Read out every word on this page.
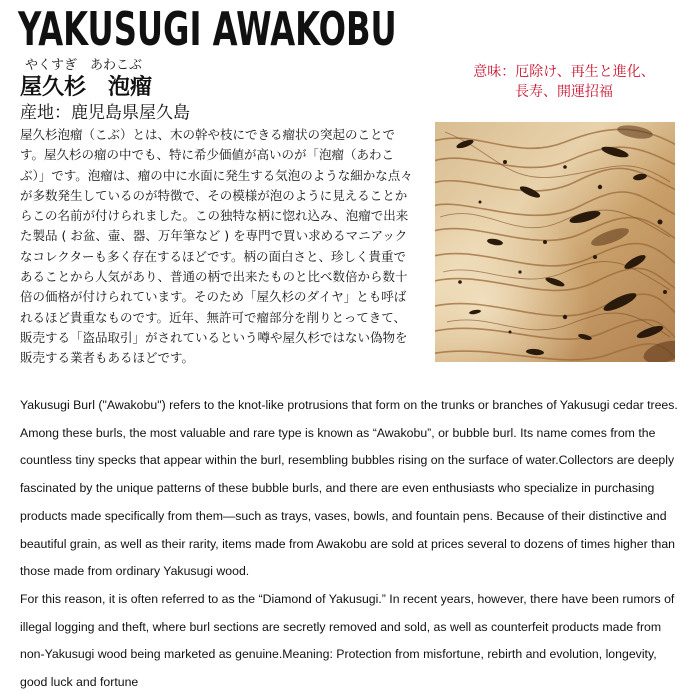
YAKUSUGI AWAKOBU
やくすぎ　あわこぶ
屋久杉　泡瘤
産地：鹿児島県屋久島
意味：厄除け、再生と進化、
長寿、開運招福
屋久杉泡瘤（こぶ）とは、木の幹や枝にできる瘤状の突起のことです。屋久杉の瘤の中でも、特に希少価値が高いのが「泡瘤（あわこぶ）」です。泡瘤は、瘤の中に水面に発生する気泡のような細かな点々が多数発生しているのが特徴で、その模様が泡のように見えることからこの名前が付けられました。この独特な柄に惚れ込み、泡瘤で出来た製品 ( お盆、壷、器、万年筆など ) を専門で買い求めるマニアックなコレクターも多く存在するほどです。柄の面白さと、珍しく貴重であることから人気があり、普通の柄で出来たものと比べ数倍から数十倍の価格が付けられています。そのため「屋久杉のダイヤ」とも呼ばれるほど貴重なものです。近年、無許可で瘤部分を削りとってきて、販売する「盗品取引」がされているという噂や屋久杉ではない偽物を販売する業者もあるほどです。

Yakusugi Burl ("Awakobu") refers to the knot-like protrusions that form on the trunks or branches of Yakusugi cedar trees. Among these burls, the most valuable and rare type is known as “Awakobu”, or bubble burl. Its name comes from the countless tiny specks that appear within the burl, resembling bubbles rising on the surface of water.Collectors are deeply fascinated by the unique patterns of these bubble burls, and there are even enthusiasts who specialize in purchasing products made specifically from them—such as trays, vases, bowls, and fountain pens. Because of their distinctive and beautiful grain, as well as their rarity, items made from Awakobu are sold at prices several to dozens of times higher than those made from ordinary Yakusugi wood.

For this reason, it is often referred to as the “Diamond of Yakusugi.” In recent years, however, there have been rumors of illegal logging and theft, where burl sections are secretly removed and sold, as well as counterfeit products made from non-Yakusugi wood being marketed as genuine.Meaning: Protection from misfortune, rebirth and evolution, longevity, good luck and fortune
